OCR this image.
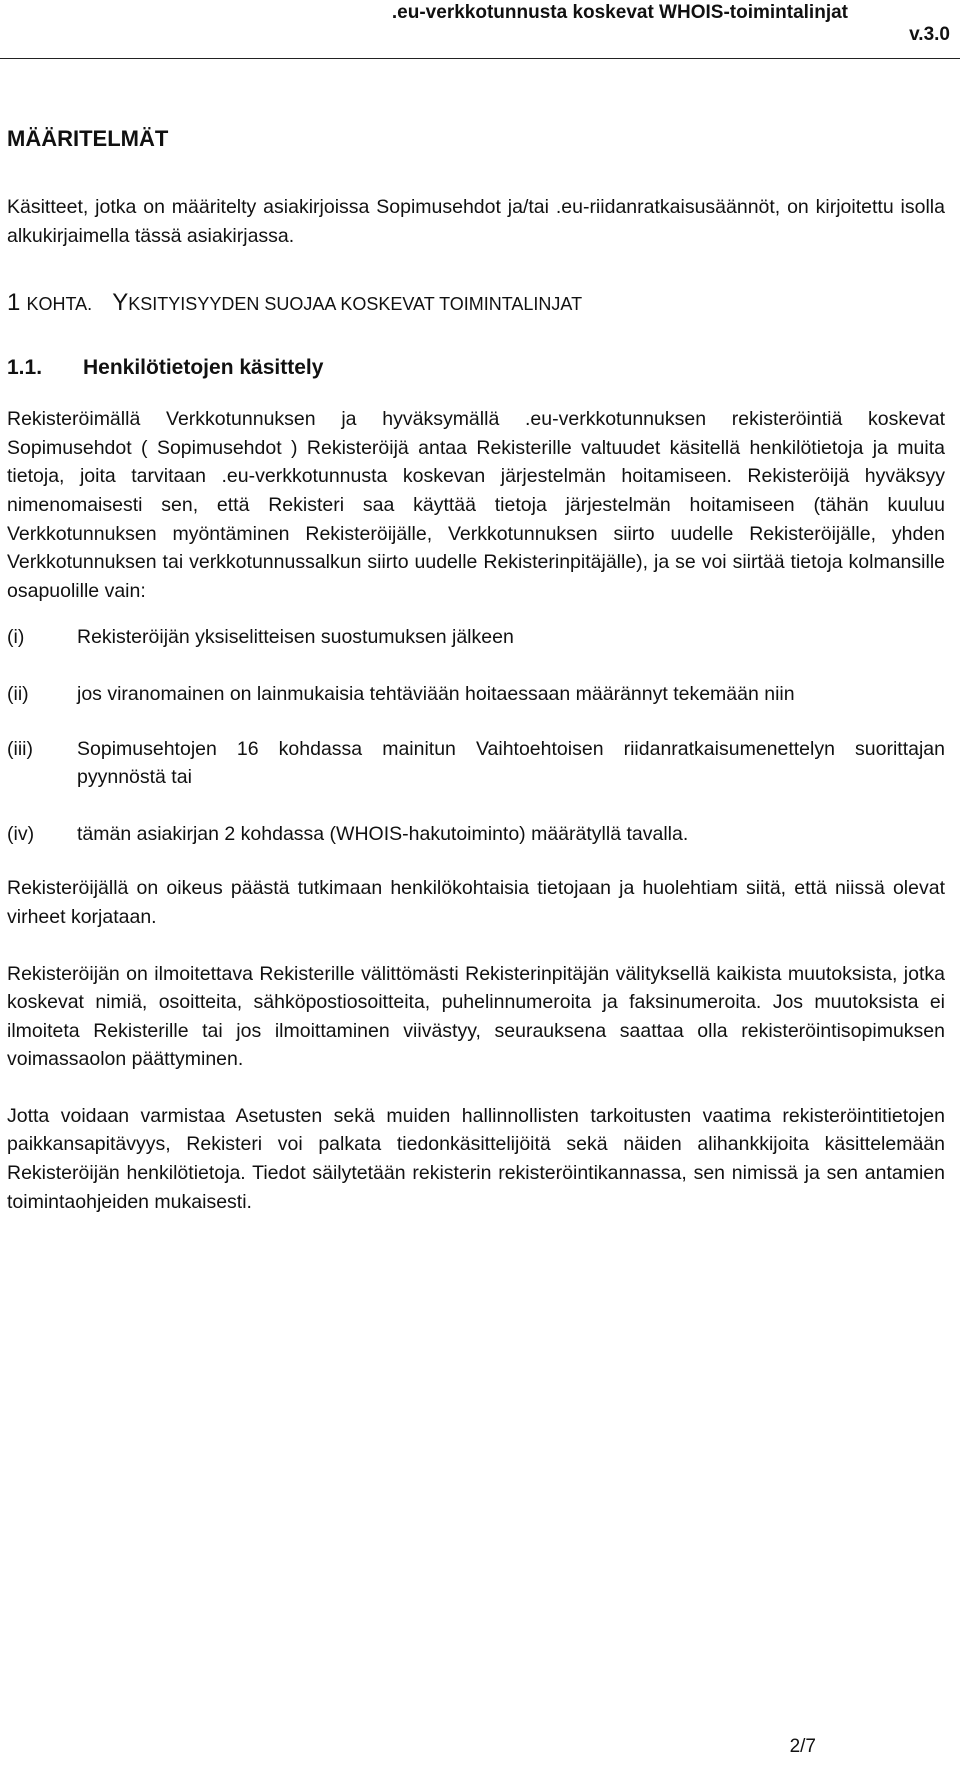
.eu-verkkotunnusta koskevat WHOIS-toimintalinjat
v.3.0
MÄÄRITELMÄT

Käsitteet, jotka on määritelty asiakirjoissa Sopimusehdot ja/tai .eu-riidanratkaisusäännöt, on kirjoitettu isolla alkukirjaimella tässä asiakirjassa.

1 KOHTA. YKSITYISYYDEN SUOJAA KOSKEVAT TOIMINTALINJAT
1.1. Henkilötietojen käsittely

Rekisteröimällä Verkkotunnuksen ja hyväksymällä .eu-verkkotunnuksen rekisteröintiä koskevat Sopimusehdot ( Sopimusehdot ) Rekisteröijä antaa Rekisterille valtuudet käsitellä henkilötietoja ja muita tietoja, joita tarvitaan .eu-verkkotunnusta koskevan järjestelmän hoitamiseen. Rekisteröijä hyväksyy nimenomaisesti sen, että Rekisteri saa käyttää tietoja järjestelmän hoitamiseen (tähän kuuluu Verkkotunnuksen myöntäminen Rekisteröijälle, Verkkotunnuksen siirto uudelle Rekisteröijälle, yhden Verkkotunnuksen tai verkkotunnussalkun siirto uudelle Rekisterinpitäjälle), ja se voi siirtää tietoja kolmansille osapuolille vain:

(i)	Rekisteröijän yksiselitteisen suostumuksen jälkeen
(ii)	jos viranomainen on lainmukaisia tehtäviään hoitaessaan määrännyt tekemään niin
(iii)	Sopimusehtojen 16 kohdassa mainitun Vaihtoehtoisen riidanratkaisumenettelyn suorittajan pyynnöstä tai
(iv)	tämän asiakirjan 2 kohdassa (WHOIS-hakutoiminto) määrätyllä tavalla.

Rekisteröijällä on oikeus päästä tutkimaan henkilökohtaisia tietojaan ja huolehtiam siitä, että niissä olevat virheet korjataan.

Rekisteröijän on ilmoitettava Rekisterille välittömästi Rekisterinpitäjän välityksellä kaikista muutoksista, jotka koskevat nimiä, osoitteita, sähköpostiosoitteita, puhelinnumeroita ja faksinumeroita. Jos muutoksista ei ilmoiteta Rekisterille tai jos ilmoittaminen viivästyy, seurauksena saattaa olla rekisteröintisopimuksen voimassaolon päättyminen.

Jotta voidaan varmistaa Asetusten sekä muiden hallinnollisten tarkoitusten vaatima rekisteröintitietojen paikkansapitävyys, Rekisteri voi palkata tiedonkäsittelijöitä sekä näiden alihankkijoita käsittelemään Rekisteröijän henkilötietoja. Tiedot säilytetään rekisterin rekisteröintikannassa, sen nimissä ja sen antamien toimintaohjeiden mukaisesti.

2/7
